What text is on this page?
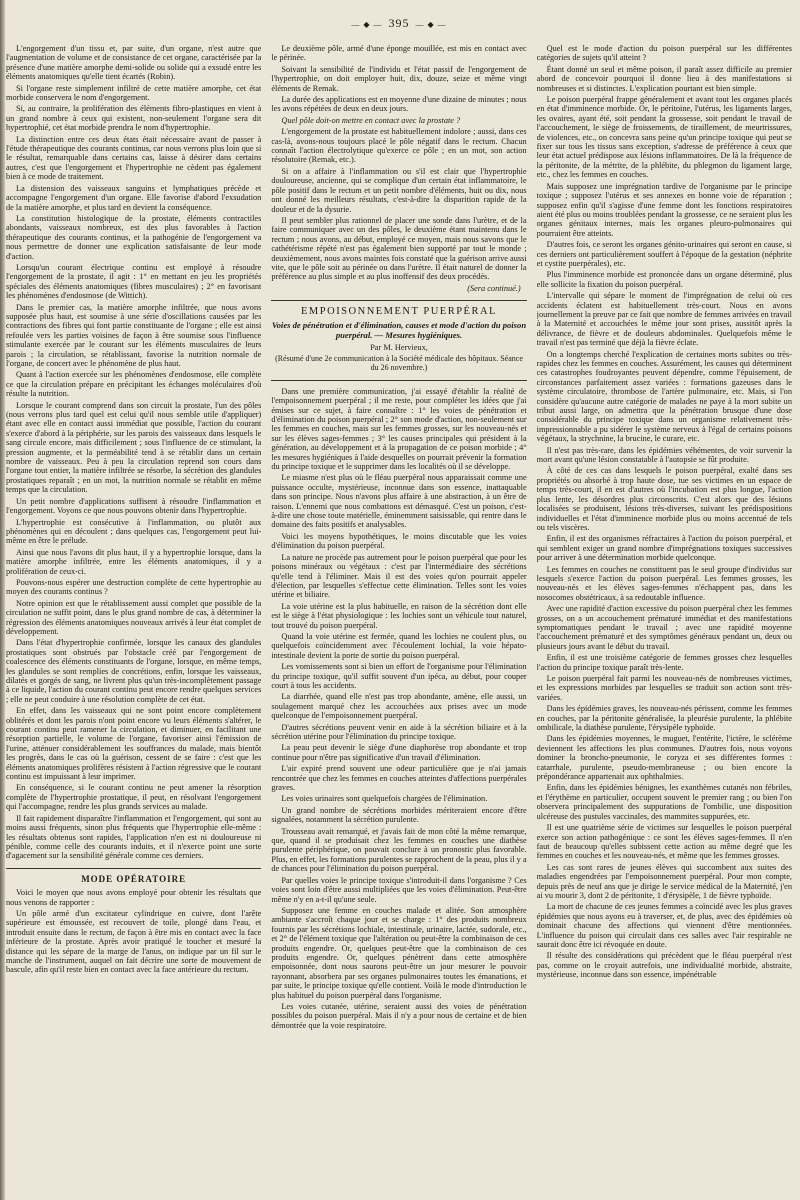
— ◆ — 395 — ◆ —

L'engorgement d'un tissu et, par suite, d'un organe, n'est autre que l'augmentation de volume et de consistance de cet organe, caractérisée par la présence d'une matière amorphe demi-solide ou solide qui a exsudé entre les éléments anatomiques qu'elle tient écartés (Robin).

Si l'organe reste simplement infiltré de cette matière amorphe, cet état morbide conservera le nom d'engorgement.

Si, au contraire, la prolifération des éléments fibro-plastiques en vient à un grand nombre à ceux qui existent, non-seulement l'organe sera dit hypertrophié, cet état morbide prendra le nom d'hypertrophie.

La distinction entre ces deux états était nécessaire avant de passer à l'étude thérapeutique des courants continus, car nous verrons plus loin que si le résultat, remarquable dans certains cas, laisse à désirer dans certains autres, c'est que l'engorgement et l'hypertrophie ne cèdent pas également bien à ce mode de traitement.

La distension des vaisseaux sanguins et lymphatiques précède et accompagne l'engorgement d'un organe. Elle favorise d'abord l'exsudation de la matière amorphe, et plus tard en devient la conséquence.

La constitution histologique de la prostate, éléments contractiles abondants, vaisseaux nombreux, est des plus favorables à l'action thérapeutique des courants continus, et la pathogénie de l'engorgement va nous permettre de donner une explication satisfaisante de leur mode d'action.

Lorsqu'un courant électrique continu est employé à résoudre l'engorgement de la prostate, il agit : 1° en mettant en jeu les propriétés spéciales des éléments anatomiques (fibres musculaires) ; 2° en favorisant les phénomènes d'endosmose (de Wittich).

Dans le premier cas, la matière amorphe infiltrée, que nous avons supposée plus haut, est soumise à une série d'oscillations causées par les contractions des fibres qui font partie constituante de l'organe ; elle est ainsi refoulée vers les parties voisines de façon à être soumise sous l'influence stimulante exercée par le courant sur les éléments musculaires de leurs parois ; la circulation, se rétablissant, favorise la nutrition normale de l'organe, de concert avec le phénomène de plus haut.

Quant à l'action exercée sur les phénomènes d'endosmose, elle complète ce que la circulation prépare en précipitant les échanges moléculaires d'où résulte la nutrition.

Lorsque le courant comprend dans son circuit la prostate, l'un des pôles (nous verrons plus tard quel est celui qu'il nous semble utile d'appliquer) étant avec elle en contact aussi immédiat que possible, l'action du courant s'exerce d'abord à la périphérie, sur les parois des vaisseaux dans lesquels le sang circule encore, mais difficilement ; sous l'influence de ce stimulant, la pression augmente, et la perméabilité tend à se rétablir dans un certain nombre de vaisseaux. Peu à peu la circulation reprend son cours dans l'organe tout entier, la matière infiltrée se résorbe, la sécrétion des glandules prostatiques reparaît ; en un mot, la nutrition normale se rétablit en même temps que la circulation.

Un petit nombre d'applications suffisent à résoudre l'inflammation et l'engorgement. Voyons ce que nous pouvons obtenir dans l'hypertrophie.

L'hypertrophie est consécutive à l'inflammation, ou plutôt aux phénomènes qui en découlent ; dans quelques cas, l'engorgement peut lui-même en être le prélude.

Ainsi que nous l'avons dit plus haut, il y a hypertrophie lorsque, dans la matière amorphe infiltrée, entre les éléments anatomiques, il y a prolifération de ceux-ci.

Pouvons-nous espérer une destruction complète de cette hypertrophie au moyen des courants continus ?

Notre opinion est que le rétablissement aussi complet que possible de la circulation ne suffit point, dans le plus grand nombre de cas, à déterminer la régression des éléments anatomiques nouveaux arrivés à leur état complet de développement.

Dans l'état d'hypertrophie confirmée, lorsque les canaux des glandules prostatiques sont obstrués par l'obstacle créé par l'engorgement de coalescence des éléments constituants de l'organe, lorsque, en même temps, les glandules se sont remplies de concrétions, enfin, lorsque les vaisseaux, dilatés et gorgés de sang, ne livrent plus qu'un très-incomplètement passage à ce liquide, l'action du courant continu peut encore rendre quelques services ; elle ne peut conduire à une résolution complète de cet état.

En effet, dans les vaisseaux qui ne sont point encore complètement oblitérés et dont les parois n'ont point encore vu leurs éléments s'altérer, le courant continu peut ramener la circulation, et diminuer, en facilitant une résorption partielle, le volume de l'organe, favoriser ainsi l'émission de l'urine, atténuer considérablement les souffrances du malade, mais bientôt les progrès, dans le cas où la guérison, cessent de se faire : c'est que les éléments anatomiques prolifères résistent à l'action régressive que le courant continu est impuissant à leur imprimer.

En conséquence, si le courant continu ne peut amener la résorption complète de l'hypertrophie prostatique, il peut, en résolvant l'engorgement qui l'accompagne, rendre les plus grands services au malade.

Il fait rapidement disparaître l'inflammation et l'engorgement, qui sont au moins aussi fréquents, sinon plus fréquents que l'hypertrophie elle-même : les résultats obtenus sont rapides, l'application n'en est ni douloureuse ni pénible, comme celle des courants induits, et il n'exerce point une sorte d'agacement sur la sensibilité générale comme ces derniers.

MODE OPÉRATOIRE

Voici le moyen que nous avons employé pour obtenir les résultats que nous venons de rapporter :

Un pôle armé d'un excitateur cylindrique en cuivre, dont l'arête supérieure est émoussée, est recouvert de toile, plongé dans l'eau, et introduit ensuite dans le rectum, de façon à être mis en contact avec la face inférieure de la prostate. Après avoir pratiqué le toucher et mesuré la distance qui les sépare de la marge de l'anus, on indique par un fil sur le manche de l'instrument, auquel on fait décrire une sorte de mouvement de bascule, afin qu'il reste bien en contact avec la face antérieure du rectum.

Le deuxième pôle, armé d'une éponge mouillée, est mis en contact avec le périnée.

Soivant la sensibilité de l'individu et l'état passif de l'engorgement de l'hypertrophie, on doit employer huit, dix, douze, seize et même vingt éléments de Remak.

La durée des applications est en moyenne d'une dizaine de minutes ; nous les avons répétées de deux en deux jours.

Quel pôle doit-on mettre en contact avec la prostate ?

L'engorgement de la prostate est habituellement indolore ; aussi, dans ces cas-là, avons-nous toujours placé le pôle négatif dans le rectum. Chacun connaît l'action électrolytique qu'exerce ce pôle ; en un mot, son action résolutoire (Remak, etc.).

Si on a affaire à l'inflammation ou s'il est clair que l'hypertrophie douloureuse, ancienne, qui se complique d'un certain état inflammatoire, le pôle positif dans le rectum et un petit nombre d'éléments, huit ou dix, nous ont donné les meilleurs résultats, c'est-à-dire la disparition rapide de la douleur et de la dysurie.

Il peut sembler plus rationnel de placer une sonde dans l'urètre, et de la faire communiquer avec un des pôles, le deuxième étant maintenu dans le rectum ; nous avons, au début, employé ce moyen, mais nous savons que le cathétérisme répété n'est pas également bien supporté par tout le monde ; deuxièmement, nous avons maintes fois constaté que la guérison arrive aussi vite, que le pôle soit au périnée ou dans l'urètre. Il était naturel de donner la préférence au plus simple et au plus inoffensif des deux procédés.

(Sera continué.)
EMPOISONNEMENT PUERPÉRAL
Voies de pénétration et d'élimination, causes et mode d'action du poison puerpéral. — Mesures hygiéniques.
Par M. Hervieux,
(Résumé d'une 2e communication à la Société médicale des hôpitaux. Séance du 26 novembre.)

Dans une première communication, j'ai essayé d'établir la réalité de l'empoisonnement puerpéral ; il me reste, pour compléter les idées que j'ai émises sur ce sujet, à faire connaître : 1° les voies de pénétration et d'élimination du poison puerpéral ; 2° son mode d'action, non-seulement sur les femmes en couches, mais sur les femmes grosses, sur les nouveau-nés et sur les élèves sages-femmes ; 3° les causes principales qui président à la génération, au développement et à la propagation de ce poison morbide ; 4° les mesures hygiéniques à l'aide desquelles on pourrait prévenir la formation du principe toxique et le supprimer dans les localités où il se développe.

Le miasme n'est plus où le fléau puerpéral nous apparaissait comme une puissance occulte, mystérieuse, inconnue dans son essence, inattaquable dans son principe. Nous n'avons plus affaire à une abstraction, à un être de raison. L'ennemi que nous combattons est démasqué. C'est un poison, c'est-à-dire une chose toute matérielle, éminemment saisissable, qui rentre dans le domaine des faits positifs et analysables.

Voici les moyens hypothétiques, le moins discutable que les voies d'élimination du poison puerpéral.

La nature ne procède pas autrement pour le poison puerpéral que pour les poisons minéraux ou végétaux : c'est par l'intermédiaire des sécrétions qu'elle tend à l'éliminer. Mais il est des voies qu'on pourrait appeler d'élection, par lesquelles s'effectue cette élimination. Telles sont les voies utérine et biliaire.

La voie utérine est la plus habituelle, en raison de la sécrétion dont elle est le siège à l'état physiologique : les lochies sont un véhicule tout naturel, tout trouvé du poison puerpéral.

Quand la voie utérine est fermée, quand les lochies ne coulent plus, ou quelquefois coïncidemment avec l'écoulement lochial, la voie hépato-intestinale devient la porte de sortie du poison puerpéral.

Les vomissements sont si bien un effort de l'organisme pour l'élimination du principe toxique, qu'il suffit souvent d'un ipéca, au début, pour couper court à tous les accidents.

La diarrhée, quand elle n'est pas trop abondante, amène, elle aussi, un soulagement marqué chez les accouchées aux prises avec un mode quelconque de l'empoisonnement puerpéral.

D'autres sécrétions peuvent venir en aide à la sécrétion biliaire et à la sécrétion utérine pour l'élimination du principe toxique.

La peau peut devenir le siège d'une diaphorèse trop abondante et trop continue pour n'être pas significative d'un travail d'élimination.

L'air expiré prend souvent une odeur particulière que je n'ai jamais rencontrée que chez les femmes en couches atteintes d'affections puerpérales graves.

Les voies urinaires sont quelquefois chargées de l'élimination.

Un grand nombre de sécrétions morbides mériteraient encore d'être signalées, notamment la sécrétion purulente.

Trousseau avait remarqué, et j'avais fait de mon côté la même remarque, que, quand il se produisait chez les femmes en couches une diathèse purulente périphérique, on pouvait conclure à un pronostic plus favorable. Plus, en effet, les formations purulentes se rapprochent de la peau, plus il y a de chances pour l'élimination du poison puerpéral.

Par quelles voies le principe toxique s'introduit-il dans l'organisme ? Ces voies sont loin d'être aussi multipliées que les voies d'élimination. Peut-être même n'y en a-t-il qu'une seule.

Supposez une femme en couches malade et alitée. Son atmosphère ambiante s'accroît chaque jour et se charge : 1° des produits nombreux fournis par les sécrétions lochiale, intestinale, urinaire, lactée, sudorale, etc., et 2° de l'élément toxique que l'altération ou peut-être la combinaison de ces produits engendre. Or, quelques peut-être que la combinaison de ces produits engendre. Or, quelques pénètrent dans cette atmosphère empoisonnée, dont nous saurons peut-être un jour mesurer le pouvoir rayonnant, absorbera par ses organes pulmonaires toutes les émanations, et par suite, le principe toxique qu'elle contient. Voilà le mode d'introduction le plus habituel du poison puerpéral dans l'organisme.

Les voies cutanée, utérine, seraient aussi des voies de pénétration possibles du poison puerpéral. Mais il n'y a pour nous de certaine et de bien démontrée que la voie respiratoire.

Quel est le mode d'action du poison puerpéral sur les différentes catégories de sujets qu'il atteint ?

Étant donné un seul et même poison, il paraît assez difficile au premier abord de concevoir pourquoi il donne lieu à des manifestations si nombreuses et si distinctes. L'explication pourtant est bien simple.

Le poison puerpéral frappe généralement et avant tout les organes placés en état d'imminence morbide. Or, le péritoine, l'utérus, les ligaments larges, les ovaires, ayant été, soit pendant la grossesse, soit pendant le travail de l'accouchement, le siège de froissements, de tiraillement, de meurtrissures, de violences, etc., on concevra sans peine qu'un principe toxique qui peut se fixer sur tous les tissus sans exception, s'adresse de préférence à ceux que leur état actuel prédispose aux lésions inflammatoires. De là la fréquence de la péritonite, de la métrite, de la phlébite, du phlegmon du ligament large, etc., chez les femmes en couches.

Mais supposez une imprégnation tardive de l'organisme par le principe toxique ; supposez l'utérus et ses annexes en bonne voie de réparation ; supposez enfin qu'il s'agisse d'une femme dont les fonctions respiratoires aient été plus ou moins troublées pendant la grossesse, ce ne seraient plus les organes génitaux internes, mais les organes pleuro-pulmonaires qui pourraient être atteints.

D'autres fois, ce seront les organes génito-urinaires qui seront en cause, si ces derniers ont particulièrement souffert à l'époque de la gestation (néphrite et cystite puerpérales), etc.

Plus l'imminence morbide est prononcée dans un organe déterminé, plus elle sollicite la fixation du poison puerpéral.

L'intervalle qui sépare le moment de l'imprégnation de celui où ces accidents éclatent est habituellement très-court. Nous en avons journellement la preuve par ce fait que nombre de femmes arrivées en travail à la Maternité et accouchées le même jour sont prises, aussitôt après la délivrance, de fièvre et de douleurs abdominales. Quelquefois même le travail n'est pas terminé que déjà la fièvre éclate.

On a longtemps cherché l'explication de certaines morts subites ou très-rapides chez les femmes en couches. Assurément, les causes qui déterminent ces catastrophes foudroyantes peuvent dépendre, comme l'épuisement, de circonstances parfaitement assez variées : formations gazeuses dans le système circulatoire, thrombose de l'artère pulmonaire, etc. Mais, si l'on considère qu'aucune autre catégorie de malades ne paye à la mort subite un tribut aussi large, on admettra que la pénétration brusque d'une dose considérable du principe toxique dans un organisme relativement très-impressionnable a pu sidérer le système nerveux à l'égal de certains poisons végétaux, la strychnine, la brucine, le curare, etc.

Il n'est pas très-rare, dans les épidémies véhémentes, de voir survenir la mort avant qu'une lésion constatable à l'autopsie se fût produite.

À côté de ces cas dans lesquels le poison puerpéral, exalté dans ses propriétés ou absorbé à trop haute dose, tue ses victimes en un espace de temps très-court, il en est d'autres où l'incubation est plus longue, l'action plus lente, les désordres plus circonscrits. C'est alors que des lésions localisées se produisent, lésions très-diverses, suivant les prédispositions individuelles et l'état d'imminence morbide plus ou moins accentué de tels ou tels viscères.

Enfin, il est des organismes réfractaires à l'action du poison puerpéral, et qui semblent exiger un grand nombre d'imprégnations toxiques successives pour arriver à une détermination morbide quelconque.

Les femmes en couches ne constituent pas le seul groupe d'individus sur lesquels s'exerce l'action du poison puerpéral. Les femmes grosses, les nouveau-nés et les élèves sages-femmes n'échappent pas, dans les nosocomes obstétricaux, à sa redoutable influence.

Avec une rapidité d'action excessive du poison puerpéral chez les femmes grosses, on a un accouchement prématuré immédiat et des manifestations symptomatiques pendant le travail ; avec une rapidité moyenne l'accouchement prématuré et des symptômes généraux pendant un, deux ou plusieurs jours avant le début du travail.

Enfin, il est une troisième catégorie de femmes grosses chez lesquelles l'action du principe toxique paraît très-lente.

Le poison puerpéral fait parmi les nouveau-nés de nombreuses victimes, et les expressions morbides par lesquelles se traduit son action sont très-variées.

Dans les épidémies graves, les nouveau-nés périssent, comme les femmes en couches, par la péritonite généralisée, la pleurésie purulente, la phlébite ombilicale, la diathèse purulente, l'érysipèle typhoïde.

Dans les épidémies moyennes, le muguet, l'entérite, l'ictère, le sclérème deviennent les affections les plus communes. D'autres fois, nous voyons dominer la broncho-pneumonie, le coryza et ses différentes formes : catarrhale, purulente, pseudo-membraneuse ; ou bien encore la prépondérance appartenait aux ophthalmies.

Enfin, dans les épidémies bénignes, les exanthèmes cutanés non fébriles, et l'érythème en particulier, occupent souvent le premier rang ; ou bien l'on observera principalement des suppurations de l'ombilic, une disposition ulcéreuse des pustules vaccinales, des mammites suppurées, etc.

Il est une quatrième série de victimes sur lesquelles le poison puerpéral exerce son action pathogénique : ce sont les élèves sages-femmes. Il n'en faut de beaucoup qu'elles subissent cette action au même degré que les femmes en couches et les nouveau-nés, et même que les femmes grosses.

Les cas sont rares de jeunes élèves qui succombent aux suites des maladies engendrées par l'empoisonnement puerpéral. Pour mon compte, depuis près de neuf ans que je dirige le service médical de la Maternité, j'en ai vu mourir 3, dont 2 de péritonite, 1 d'érysipèle, 1 de fièvre typhoïde.

La mort de chacune de ces jeunes femmes a coïncidé avec les plus graves épidémies que nous ayons eu à traverser, et, de plus, avec des épidémies où dominait chacune des affections qui viennent d'être mentionnées. L'influence du poison qui circulait dans ces salles avec l'air respirable ne saurait donc être ici révoquée en doute.

Il résulte des considérations qui précèdent que le fléau puerpéral n'est pas, comme on le croyait autrefois, une individualité morbide, abstraite, mystérieuse, inconnue dans son essence, impénétrable
